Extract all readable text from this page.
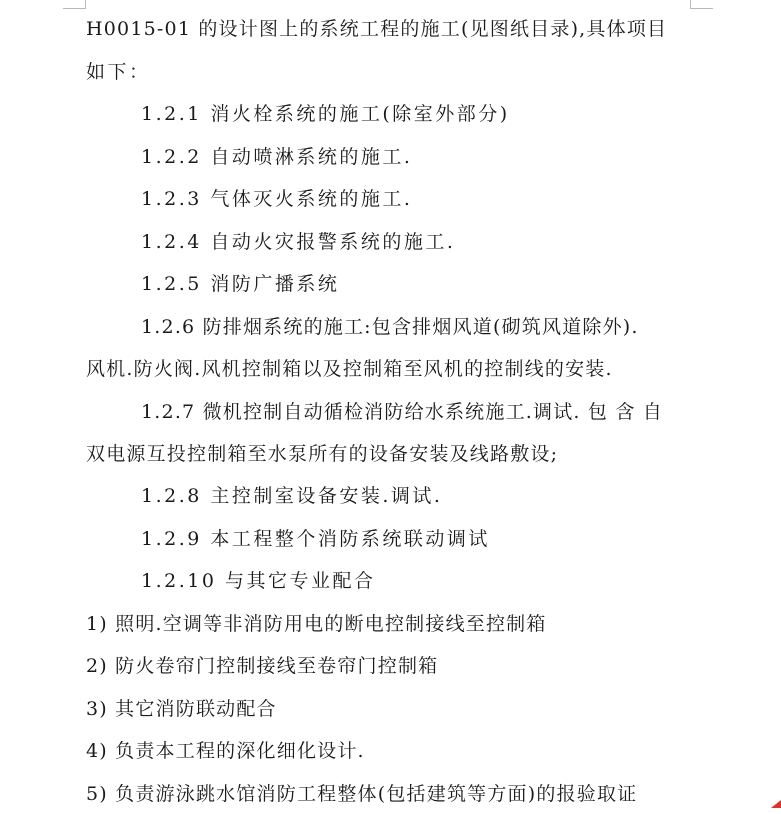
H0015-01 的设计图上的系统工程的施工(见图纸目录),具体项目
如下：
1.2.1 消火栓系统的施工(除室外部分)
1.2.2 自动喷淋系统的施工.
1.2.3 气体灭火系统的施工.
1.2.4 自动火灾报警系统的施工.
1.2.5 消防广播系统
1.2.6 防排烟系统的施工:包含排烟风道(砌筑风道除外).
风机.防火阀.风机控制箱以及控制箱至风机的控制线的安装.
1.2.7 微机控制自动循检消防给水系统施工.调试. 包 含 自
双电源互投控制箱至水泵所有的设备安装及线路敷设;
1.2.8 主控制室设备安装.调试.
1.2.9 本工程整个消防系统联动调试
1.2.10 与其它专业配合
1) 照明.空调等非消防用电的断电控制接线至控制箱
2) 防火卷帘门控制接线至卷帘门控制箱
3) 其它消防联动配合
4) 负责本工程的深化细化设计.
5) 负责游泳跳水馆消防工程整体(包括建筑等方面)的报验取证
